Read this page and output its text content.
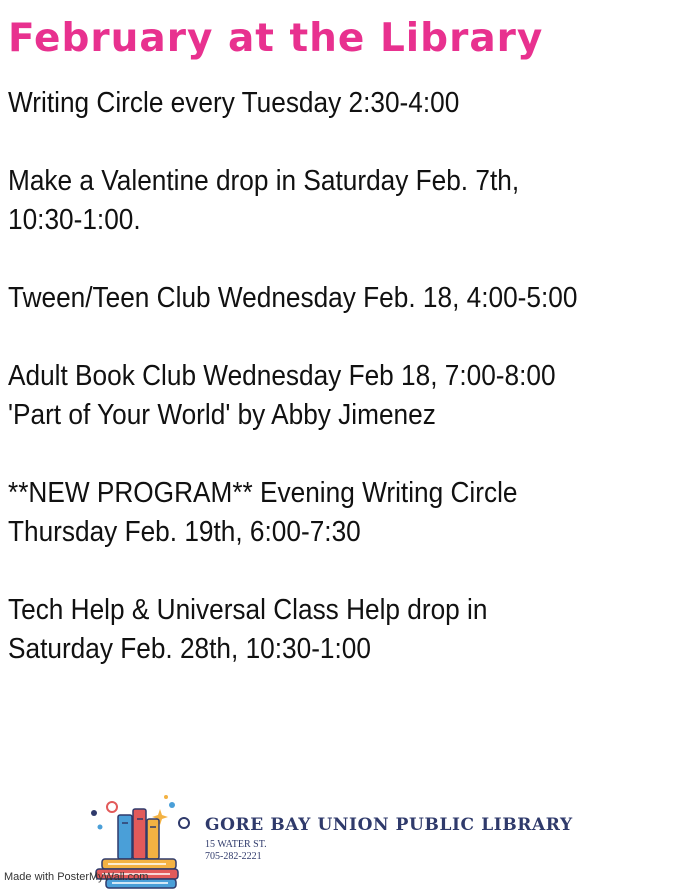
February at the Library
Writing Circle every Tuesday 2:30-4:00
Make a Valentine drop in Saturday Feb. 7th,
10:30-1:00.
Tween/Teen Club Wednesday Feb. 18, 4:00-5:00
Adult Book Club Wednesday Feb 18, 7:00-8:00
'Part of Your World' by Abby Jimenez
**NEW PROGRAM** Evening Writing Circle
Thursday Feb. 19th, 6:00-7:30
Tech Help & Universal Class Help drop in
Saturday Feb. 28th, 10:30-1:00
GORE BAY UNION PUBLIC LIBRARY
15 WATER ST.
705-282-2221
Made with PosterMyWall.com
